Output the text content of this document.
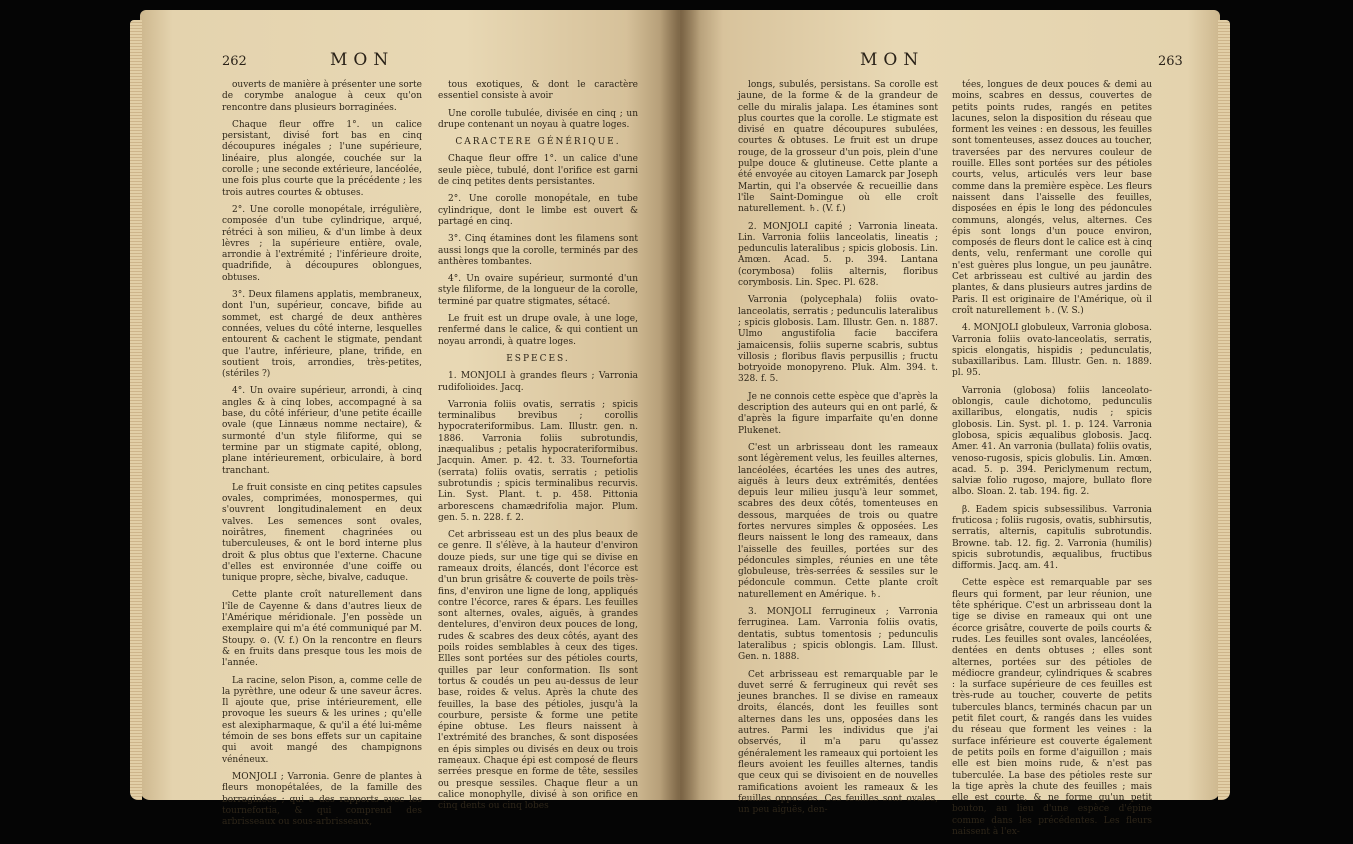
262	MON

ouverts de manière à présenter une sorte de corymbe analogue à ceux qu'on rencontre dans plusieurs borraginées.

Chaque fleur offre 1°. un calice persistant, divisé fort bas en cinq découpures inégales ; l'une supérieure, linéaire, plus alongée, couchée sur la corolle ; une seconde extérieure, lancéolée, une fois plus courte que la précédente ; les trois autres courtes & obtuses.

2°. Une corolle monopétale, irrégulière, composée d'un tube cylindrique, arqué, rétréci à son milieu, & d'un limbe à deux lèvres ; la supérieure entière, ovale, arrondie à l'extrémité ; l'inférieure droite, quadrifide, à découpures oblongues, obtuses.

3°. Deux filamens applatis, membraneux, dont l'un, supérieur, concave, bifide au sommet, est chargé de deux anthères connées, velues du côté interne, lesquelles entourent & cachent le stigmate, pendant que l'autre, inférieure, plane, trifide, en soutient trois, arrondies, très-petites, (stériles ?)

4°. Un ovaire supérieur, arrondi, à cinq angles & à cinq lobes, accompagné à sa base, du côté inférieur, d'une petite écaille ovale (que Linnæus nomme nectaire), & surmonté d'un style filiforme, qui se termine par un stigmate capité, oblong, plane intérieurement, orbiculaire, à bord tranchant.

Le fruit consiste en cinq petites capsules ovales, comprimées, monospermes, qui s'ouvrent longitudinalement en deux valves. Les semences sont ovales, noirâtres, finement chagrinées ou tuberculeuses, & ont le bord interne plus droit & plus obtus que l'externe. Chacune d'elles est environnée d'une coiffe ou tunique propre, sèche, bivalve, caduque.

Cette plante croît naturellement dans l'île de Cayenne & dans d'autres lieux de l'Amérique méridionale. J'en possède un exemplaire qui m'a été communiqué par M. Stoupy. ⊙. (V. f.) On la rencontre en fleurs & en fruits dans presque tous les mois de l'année.

La racine, selon Pison, a, comme celle de la pyrèthre, une odeur & une saveur âcres. Il ajoute que, prise intérieurement, elle provoque les sueurs & les urines ; qu'elle est alexipharmaque, & qu'il a été lui-même témoin de ses bons effets sur un capitaine qui avoit mangé des champignons vénéneux.

MONJOLI ; Varronia. Genre de plantes à fleurs monopétalées, de la famille des borraginées ; qui a des rapports avec les tournefortia, & qui comprend des arbrisseaux ou sous-arbrisseaux,

tous exotiques, & dont le caractère essentiel consiste à avoir

Une corolle tubulée, divisée en cinq ; un drupe contenant un noyau à quatre loges.

CARACTERE GÉNÉRIQUE.

Chaque fleur offre 1°. un calice d'une seule pièce, tubulé, dont l'orifice est garni de cinq petites dents persistantes.

2°. Une corolle monopétale, en tube cylindrique, dont le limbe est ouvert & partagé en cinq.

3°. Cinq étamines dont les filamens sont aussi longs que la corolle, terminés par des anthères tombantes.

4°. Un ovaire supérieur, surmonté d'un style filiforme, de la longueur de la corolle, terminé par quatre stigmates, sétacé.

Le fruit est un drupe ovale, à une loge, renfermé dans le calice, & qui contient un noyau arrondi, à quatre loges.

ESPECES.

1. MONJOLI à grandes fleurs ; Varronia rudifolioides. Jacq.

Varronia foliis ovatis, serratis ; spicis terminalibus brevibus ; corollis hypocrateriformibus. Lam. Illustr. gen. n. 1886. Varronia foliis subrotundis, inæqualibus ; petalis hypocrateriformibus. Jacquin. Amer. p. 42. t. 33. Tournefortia (serrata) foliis ovatis, serratis ; petiolis subrotundis ; spicis terminalibus recurvis. Lin. Syst. Plant. t. p. 458. Pittonia arborescens chamædrifolia major. Plum. gen. 5. n. 228. f. 2.

Cet arbrisseau est un des plus beaux de ce genre. Il s'élève, à la hauteur d'environ douze pieds, sur une tige qui se divise en rameaux droits, élancés, dont l'écorce est d'un brun grisâtre & couverte de poils très-fins, d'environ une ligne de long, appliqués contre l'écorce, rares & épars. Les feuilles sont alternes, ovales, aiguës, à grandes dentelures, d'environ deux pouces de long, rudes & scabres des deux côtés, ayant des poils roides semblables à ceux des tiges. Elles sont portées sur des pétioles courts, quilles par leur conformation. Ils sont tortus & coudés un peu au-dessus de leur base, roides & velus. Après la chute des feuilles, la base des pétioles, jusqu'à la courbure, persiste & forme une petite épine obtuse. Les fleurs naissent à l'extrémité des branches, & sont disposées en épis simples ou divisés en deux ou trois rameaux. Chaque épi est composé de fleurs serrées presque en forme de tête, sessiles ou presque sessiles. Chaque fleur a un calice monophylle, divisé à son orifice en cinq dents ou cinq lobes

MON	263

longs, subulés, persistans. Sa corolle est jaune, de la forme & de la grandeur de celle du miralis jalapa. Les étamines sont plus courtes que la corolle. Le stigmate est divisé en quatre découpures subulées, courtes & obtuses. Le fruit est un drupe rouge, de la grosseur d'un pois, plein d'une pulpe douce & glutineuse. Cette plante a été envoyée au citoyen Lamarck par Joseph Martin, qui l'a observée & recueillie dans l'île Saint-Domingue où elle croît naturellement. ♄. (V. f.)

2. MONJOLI capité ; Varronia lineata. Lin. Varronia foliis lanceolatis, lineatis ; pedunculis lateralibus ; spicis globosis. Lin. Amœn. Acad. 5. p. 394. Lantana (corymbosa) foliis alternis, floribus corymbosis. Lin. Spec. Pl. 628.

Varronia (polycephala) foliis ovato-lanceolatis, serratis ; pedunculis lateralibus ; spicis globosis. Lam. Illustr. Gen. n. 1887. Ulmo angustifolia facie baccifera jamaicensis, foliis superne scabris, subtus villosis ; floribus flavis perpusillis ; fructu botryoide monopyreno. Pluk. Alm. 394. t. 328. f. 5.

Je ne connois cette espèce que d'après la description des auteurs qui en ont parlé, & d'après la figure imparfaite qu'en donne Plukenet.

C'est un arbrisseau dont les rameaux sont légèrement velus, les feuilles alternes, lancéolées, écartées les unes des autres, aiguës à leurs deux extrémités, dentées depuis leur milieu jusqu'à leur sommet, scabres des deux côtés, tomenteuses en dessous, marquées de trois ou quatre fortes nervures simples & opposées. Les fleurs naissent le long des rameaux, dans l'aisselle des feuilles, portées sur des pédoncules simples, réunies en une tête globuleuse, très-serrées & sessiles sur le pédoncule commun. Cette plante croît naturellement en Amérique. ♄.

3. MONJOLI ferrugineux ; Varronia ferruginea. Lam. Varronia foliis ovatis, dentatis, subtus tomentosis ; pedunculis lateralibus ; spicis oblongis. Lam. Illust. Gen. n. 1888.

Cet arbrisseau est remarquable par le duvet serré & ferrugineux qui revêt ses jeunes branches. Il se divise en rameaux droits, élancés, dont les feuilles sont alternes dans les uns, opposées dans les autres. Parmi les individus que j'ai observés, il m'a paru qu'assez généralement les rameaux qui portoient les fleurs avoient les feuilles alternes, tandis que ceux qui se divisoient en de nouvelles ramifications avoient les rameaux & les feuilles opposées. Ces feuilles sont ovales, un peu aiguës, den-

tées, longues de deux pouces & demi au moins, scabres en dessus, couvertes de petits points rudes, rangés en petites lacunes, selon la disposition du réseau que forment les veines : en dessous, les feuilles sont tomenteuses, assez douces au toucher, traversées par des nervures couleur de rouille. Elles sont portées sur des pétioles courts, velus, articulés vers leur base comme dans la première espèce. Les fleurs naissent dans l'aisselle des feuilles, disposées en épis le long des pédoncules communs, alongés, velus, alternes. Ces épis sont longs d'un pouce environ, composés de fleurs dont le calice est à cinq dents, velu, renfermant une corolle qui n'est guères plus longue, un peu jaunâtre. Cet arbrisseau est cultivé au jardin des plantes, & dans plusieurs autres jardins de Paris. Il est originaire de l'Amérique, où il croît naturellement ♄. (V. S.)

4. MONJOLI globuleux, Varronia globosa. Varronia foliis ovato-lanceolatis, serratis, spicis elongatis, hispidis ; pedunculatis, subaxillaribus. Lam. Illustr. Gen. n. 1889. pl. 95.

Varronia (globosa) foliis lanceolato-oblongis, caule dichotomo, pedunculis axillaribus, elongatis, nudis ; spicis globosis. Lin. Syst. pl. 1. p. 124. Varronia globosa, spicis æqualibus globosis. Jacq. Amer. 41. An varronia (bullata) foliis ovatis, venoso-rugosis, spicis globulis. Lin. Amœn. acad. 5. p. 394. Periclymenum rectum, salviæ folio rugoso, majore, bullato flore albo. Sloan. 2. tab. 194. fig. 2.

β. Eadem spicis subsessilibus. Varronia fruticosa ; foliis rugosis, ovatis, subhirsutis, serratis, alternis, capitulis subrotundis. Browne. tab. 12. fig. 2. Varronia (humilis) spicis subrotundis, æqualibus, fructibus difformis. Jacq. am. 41.

Cette espèce est remarquable par ses fleurs qui forment, par leur réunion, une tête sphérique. C'est un arbrisseau dont la tige se divise en rameaux qui ont une écorce grisâtre, couverte de poils courts & rudes. Les feuilles sont ovales, lancéolées, dentées en dents obtuses ; elles sont alternes, portées sur des pétioles de médiocre grandeur, cylindriques & scabres : la surface supérieure de ces feuilles est très-rude au toucher, couverte de petits tubercules blancs, terminés chacun par un petit filet court, & rangés dans les vuides du réseau que forment les veines : la surface inférieure est couverte également de petits poils en forme d'aiguillon ; mais elle est bien moins rude, & n'est pas tuberculée. La base des pétioles reste sur la tige après la chute des feuilles ; mais elle est courte, & ne forme qu'un petit bouton, au lieu d'une espèce d'épine comme dans les précédentes. Les fleurs naissent à l'ex-
